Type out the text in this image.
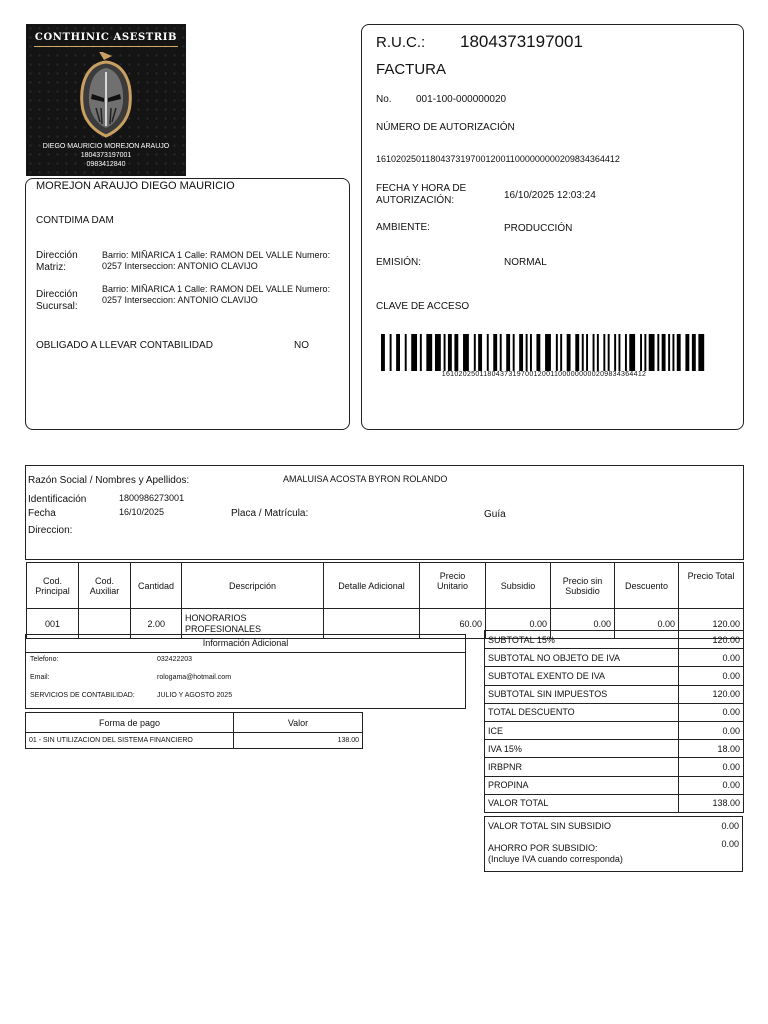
CONTHINIC ASESTRIB
DIEGO MAURICIO MOREJON ARAUJO
1804373197001
0983412840
MOREJON ARAUJO DIEGO MAURICIO
CONTDIMA DAM
Dirección Matriz:
Barrio: MIÑARICA 1 Calle: RAMON DEL VALLE Numero: 0257 Interseccion: ANTONIO CLAVIJO
Dirección Sucursal:
Barrio: MIÑARICA 1 Calle: RAMON DEL VALLE Numero: 0257 Interseccion: ANTONIO CLAVIJO
OBLIGADO A LLEVAR CONTABILIDAD	NO
R.U.C.: 1804373197001
FACTURA
No. 001-100-000000020
NÚMERO DE AUTORIZACIÓN
1610202501180437319700120011000000000209834364412
FECHA Y HORA DE AUTORIZACIÓN:	16/10/2025 12:03:24
AMBIENTE:	PRODUCCIÓN
EMISIÓN:	NORMAL
CLAVE DE ACCESO
1610202501180437319700120011000000000209834364412
Razón Social / Nombres y Apellidos:	AMALUISA ACOSTA BYRON ROLANDO
Identificación	1800986273001
Fecha	16/10/2025	Placa / Matrícula:	Guía
Direccion:
Cod. Principal	Cod. Auxiliar	Cantidad	Descripción	Detalle Adicional	Precio Unitario	Subsidio	Precio sin Subsidio	Descuento	Precio Total
001		2.00	HONORARIOS PROFESIONALES		60.00	0.00	0.00	0.00	120.00
Información Adicional
Telefono:	032422203
Email:	rologama@hotmail.com
SERVICIOS DE CONTABILIDAD:	JULIO Y AGOSTO 2025
Forma de pago	Valor
01 - SIN UTILIZACION DEL SISTEMA FINANCIERO	138.00
SUBTOTAL 15%	120.00
SUBTOTAL NO OBJETO DE IVA	0.00
SUBTOTAL EXENTO DE IVA	0.00
SUBTOTAL SIN IMPUESTOS	120.00
TOTAL DESCUENTO	0.00
ICE	0.00
IVA 15%	18.00
IRBPNR	0.00
PROPINA	0.00
VALOR TOTAL	138.00
VALOR TOTAL SIN SUBSIDIO	0.00
AHORRO POR SUBSIDIO:	0.00
(Incluye IVA cuando corresponda)
